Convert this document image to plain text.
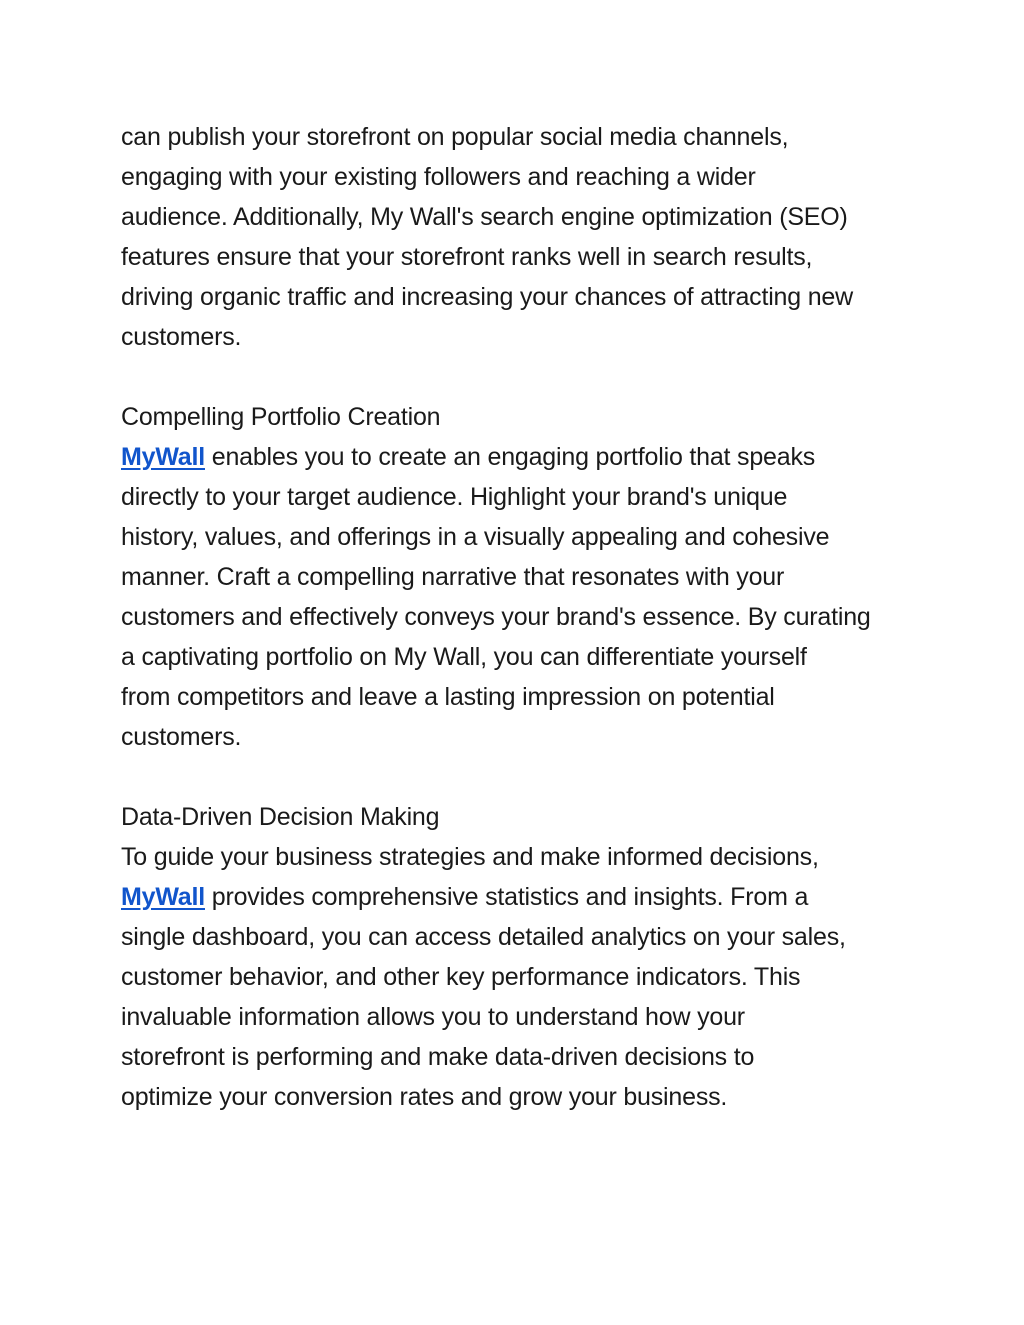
can publish your storefront on popular social media channels,
engaging with your existing followers and reaching a wider
audience. Additionally, My Wall's search engine optimization (SEO)
features ensure that your storefront ranks well in search results,
driving organic traffic and increasing your chances of attracting new
customers.
Compelling Portfolio Creation
MyWall enables you to create an engaging portfolio that speaks
directly to your target audience. Highlight your brand's unique
history, values, and offerings in a visually appealing and cohesive
manner. Craft a compelling narrative that resonates with your
customers and effectively conveys your brand's essence. By curating
a captivating portfolio on My Wall, you can differentiate yourself
from competitors and leave a lasting impression on potential
customers.
Data-Driven Decision Making
To guide your business strategies and make informed decisions,
MyWall provides comprehensive statistics and insights. From a
single dashboard, you can access detailed analytics on your sales,
customer behavior, and other key performance indicators. This
invaluable information allows you to understand how your
storefront is performing and make data-driven decisions to
optimize your conversion rates and grow your business.
